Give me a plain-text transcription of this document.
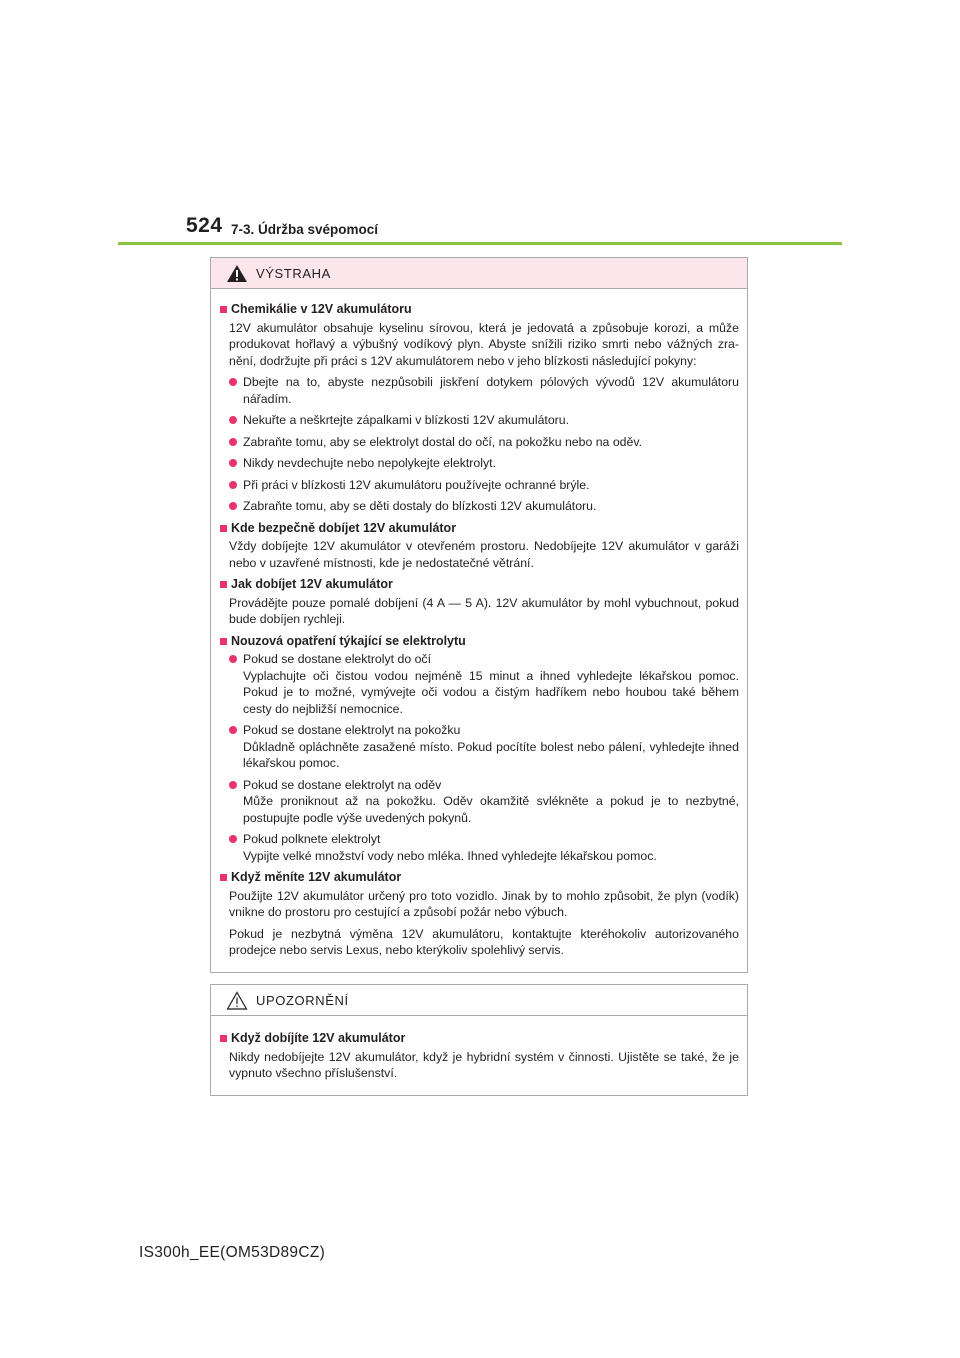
524 7-3. Údržba svépomocí
VÝSTRAHA
Chemikálie v 12V akumulátoru
12V akumulátor obsahuje kyselinu sírovou, která je jedovatá a způsobuje korozi, a může produkovat hořlavý a výbušný vodíkový plyn. Abyste snížili riziko smrti nebo vážných zra-nění, dodržujte při práci s 12V akumulátorem nebo v jeho blízkosti následující pokyny:
Dbejte na to, abyste nezpůsobili jiskření dotykem pólových vývodů 12V akumulátoru nářadím.
Nekuřte a neškrtejte zápalkami v blízkosti 12V akumulátoru.
Zabraňte tomu, aby se elektrolyt dostal do očí, na pokožku nebo na oděv.
Nikdy nevdechujte nebo nepolykejte elektrolyt.
Při práci v blízkosti 12V akumulátoru používejte ochranné brýle.
Zabraňte tomu, aby se děti dostaly do blízkosti 12V akumulátoru.
Kde bezpečně dobíjet 12V akumulátor
Vždy dobíjejte 12V akumulátor v otevřeném prostoru. Nedobíjejte 12V akumulátor v garáži nebo v uzavřené místnosti, kde je nedostatečné větrání.
Jak dobíjet 12V akumulátor
Provádějte pouze pomalé dobíjení (4 A — 5 A). 12V akumulátor by mohl vybuchnout, pokud bude dobíjen rychleji.
Nouzová opatření týkající se elektrolytu
Pokud se dostane elektrolyt do očí
Vyplachujte oči čistou vodou nejméně 15 minut a ihned vyhledejte lékařskou pomoc. Pokud je to možné, vymývejte oči vodou a čistým hadříkem nebo houbou také během cesty do nejbližší nemocnice.
Pokud se dostane elektrolyt na pokožku
Důkladně opláchněte zasažené místo. Pokud pocítíte bolest nebo pálení, vyhledejte ihned lékařskou pomoc.
Pokud se dostane elektrolyt na oděv
Může proniknout až na pokožku. Oděv okamžitě svlékněte a pokud je to nezbytné, postupujte podle výše uvedených pokynů.
Pokud polknete elektrolyt
Vypijte velké množství vody nebo mléka. Ihned vyhledejte lékařskou pomoc.
Když měníte 12V akumulátor
Použijte 12V akumulátor určený pro toto vozidlo. Jinak by to mohlo způsobit, že plyn (vodík) vnikne do prostoru pro cestující a způsobí požár nebo výbuch.
Pokud je nezbytná výměna 12V akumulátoru, kontaktujte kteréhokoliv autorizovaného prodejce nebo servis Lexus, nebo kterýkoliv spolehlivý servis.
UPOZORNĚNÍ
Když dobíjíte 12V akumulátor
Nikdy nedobíjejte 12V akumulátor, když je hybridní systém v činnosti. Ujistěte se také, že je vypnuto všechno příslušenství.
IS300h_EE(OM53D89CZ)
